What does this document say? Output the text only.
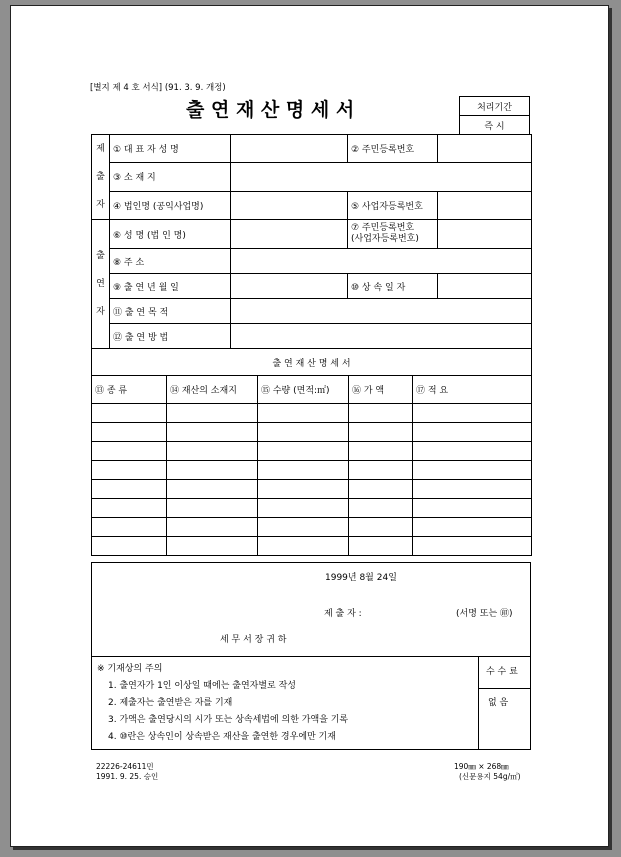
[별지 제 4 호 서식] (91. 3. 9. 개정)
출 연 재 산 명 세 서	처리기간
즉 시
제
출
자	① 대 표 자 성 명		② 주민등록번호	
	③ 소 재 지			
	④ 법인명 (공익사업명)		⑤ 사업자등록번호	

출
연
자	⑥ 성 명 (법 인 명)		⑦ 주민등록번호
(사업자등록번호)	
	⑧ 주 소			
	⑨ 출 연 년 월 일		⑩ 상 속 일 자	
	⑪ 출 연 목 적			
	⑫ 출 연 방 법			
출 연 재 산 명 세 서				
⑬ 종 류	⑭ 재산의 소재지	⑮ 수량 (면적:㎡)	⑯ 가 액	⑰ 적 요

1999년 8월 24일
제 출 자 :	(서명 또는 ㊞)
세 무 서 장 귀 하
※ 기재상의 주의
1. 출연자가 1인 이상일 때에는 출연자별로 작성
2. 제출자는 출연받은 자를 기재
3. 가액은 출연당시의 시가 또는 상속세법에 의한 가액을 기록
4. ⑩란은 상속인이 상속받은 재산을 출연한 경우에만 기재
수 수 료
없 음
22226-24611민
1991. 9. 25. 승인
190㎜ × 268㎜
(신문용지 54g/㎡)
